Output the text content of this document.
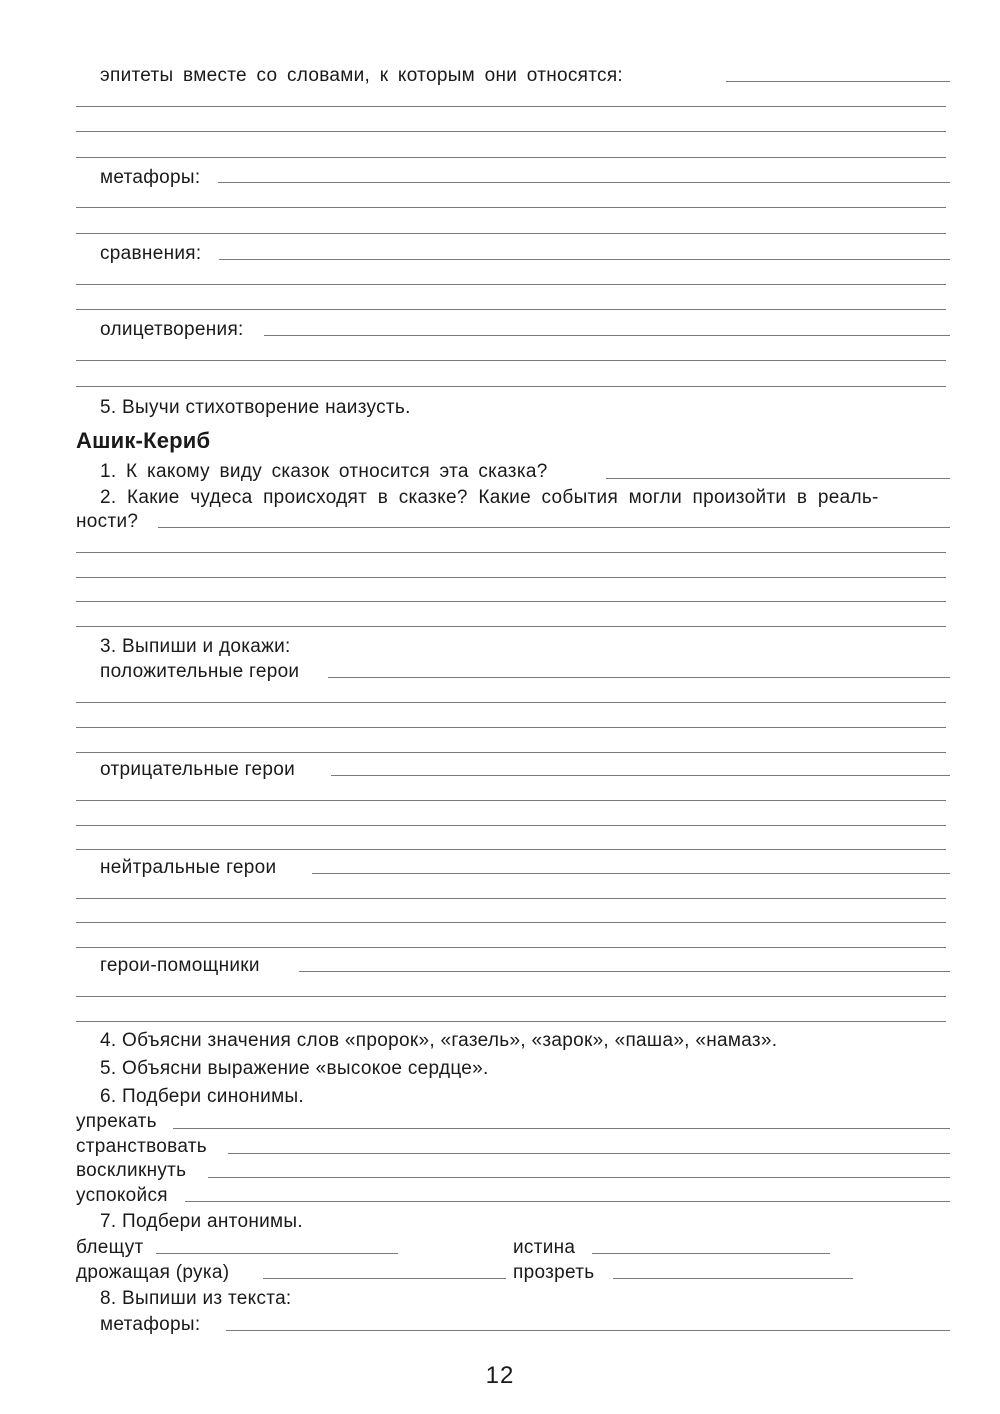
эпитеты вместе со словами, к которым они относятся:
метафоры:
сравнения:
олицетворения:
5. Выучи стихотворение наизусть.
Ашик-Кериб
1. К какому виду сказок относится эта сказка?
2. Какие чудеса происходят в сказке? Какие события могли произойти в реаль-
ности?
3. Выпиши и докажи:
положительные герои
отрицательные герои
нейтральные герои
герои-помощники
4. Объясни значения слов «пророк», «газель», «зарок», «паша», «намаз».
5. Объясни выражение «высокое сердце».
6. Подбери синонимы.
упрекать
странствовать
воскликнуть
успокойся
7. Подбери антонимы.
блещут	истина
дрожащая (рука)	прозреть
8. Выпиши из текста:
метафоры:
12
